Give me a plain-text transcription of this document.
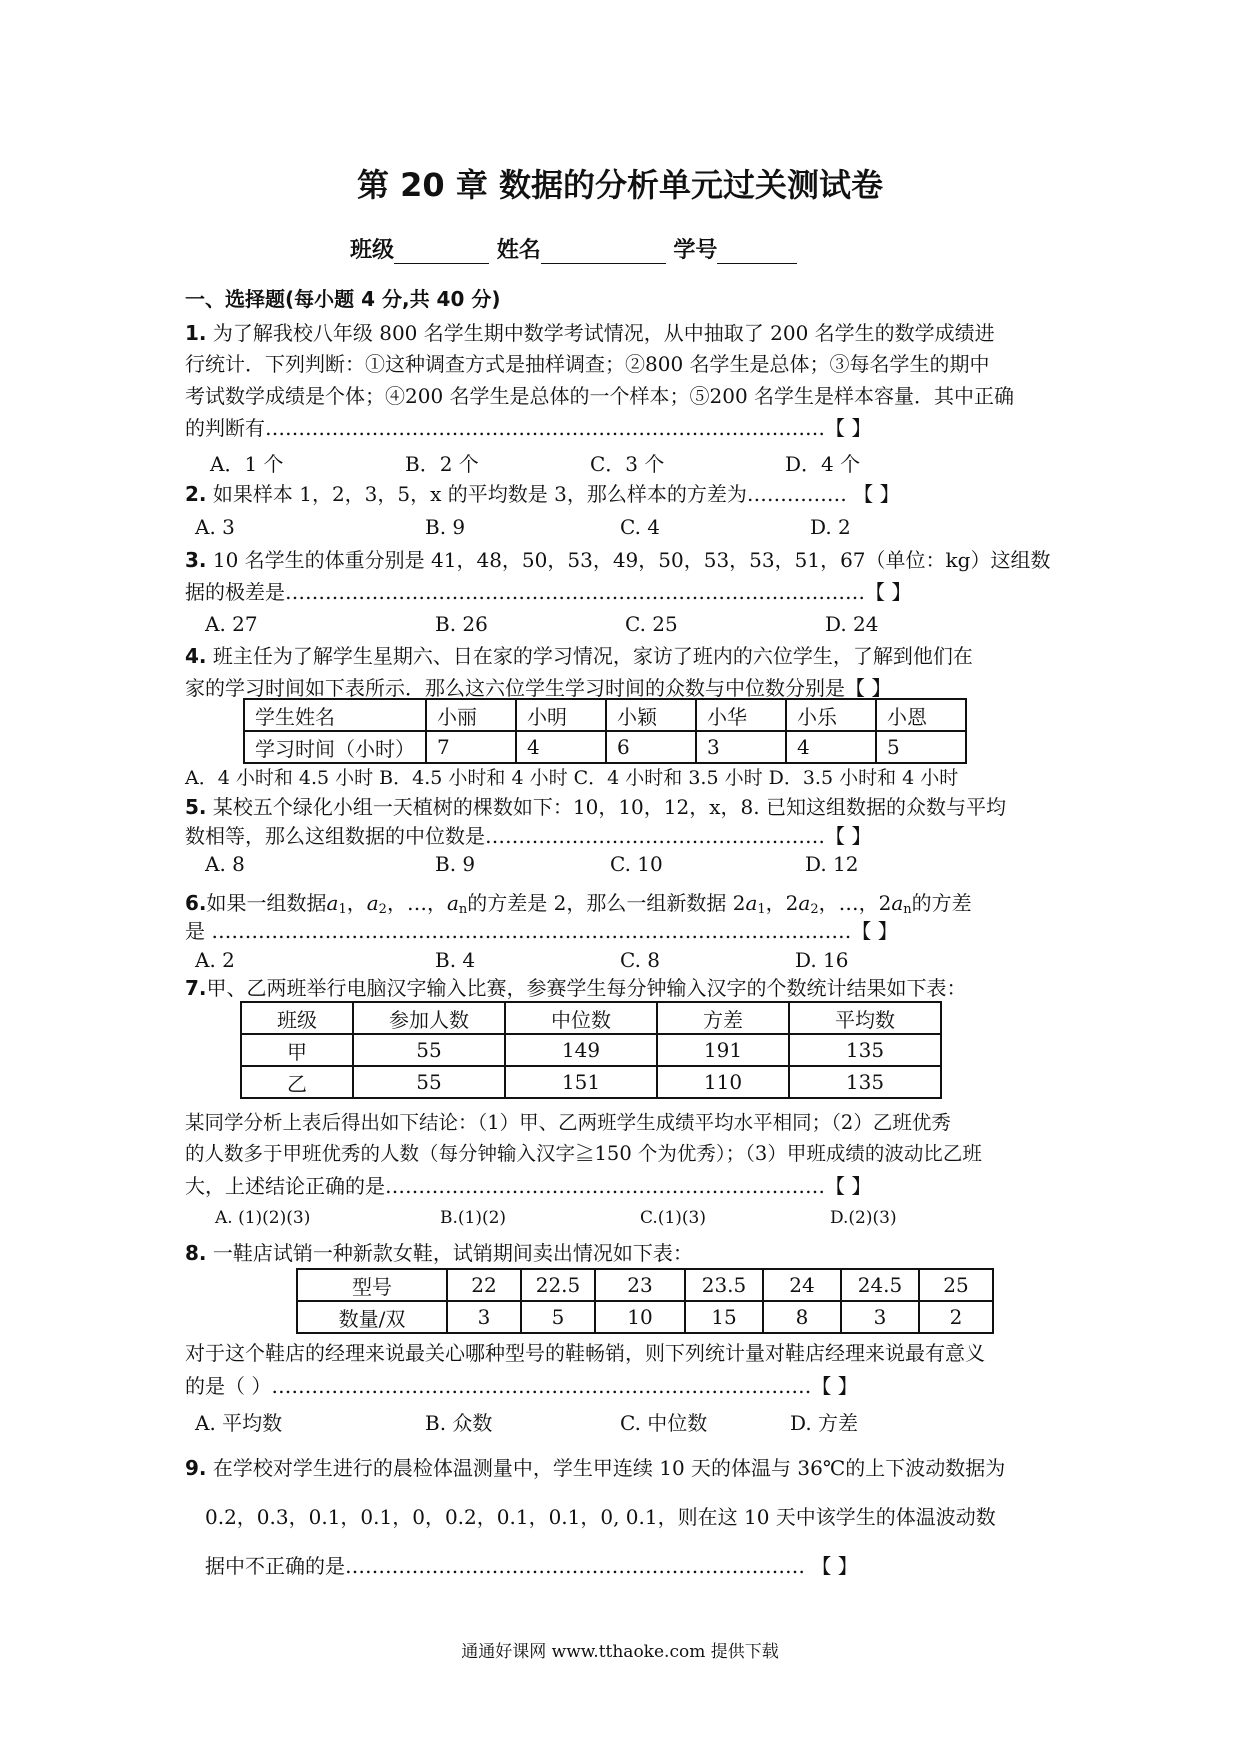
第 20 章 数据的分析单元过关测试卷
班级	姓名	学号
一、选择题(每小题 4 分,共 40 分)
1. 为了解我校八年级 800 名学生期中数学考试情况，从中抽取了 200 名学生的数学成绩进
行统计．下列判断：①这种调查方式是抽样调查；②800 名学生是总体；③每名学生的期中
考试数学成绩是个体；④200 名学生是总体的一个样本；⑤200 名学生是样本容量．其中正确
的判断有…………………………………………………………………………【 】
A．1 个	B．2 个	C．3 个	D．4 个
2. 如果样本 1，2，3，5，x 的平均数是 3，那么样本的方差为…………… 【 】
A. 3	B. 9	C. 4	D. 2
3. 10 名学生的体重分别是 41，48，50，53，49，50，53，53，51，67（单位：kg）这组数
据的极差是……………………………………………………………………………【 】
A. 27	B. 26	C. 25	D. 24
4. 班主任为了解学生星期六、日在家的学习情况，家访了班内的六位学生，了解到他们在
家的学习时间如下表所示．那么这六位学生学习时间的众数与中位数分别是【 】
学生姓名	小丽	小明	小颖	小华	小乐	小恩
学习时间（小时）	7	4	6	3	4	5
A．4 小时和 4.5 小时 B．4.5 小时和 4 小时 C．4 小时和 3.5 小时 D．3.5 小时和 4 小时
5. 某校五个绿化小组一天植树的棵数如下：10，10，12，x，8. 已知这组数据的众数与平均
数相等，那么这组数据的中位数是……………………………………………【 】
A. 8	B. 9	C. 10	D. 12
6.如果一组数据$a_1$，$a_2$，…，$a_n$的方差是 2，那么一组新数据 $2a_1$，$2a_2$，…，$2a_n$的方差
是 ……………………………………………………………………………………【 】
A. 2	B. 4	C. 8	D. 16
7.甲、乙两班举行电脑汉字输入比赛，参赛学生每分钟输入汉字的个数统计结果如下表：
班级	参加人数	中位数	方差	平均数
甲	55	149	191	135
乙	55	151	110	135
某同学分析上表后得出如下结论：（1）甲、乙两班学生成绩平均水平相同；（2）乙班优秀
的人数多于甲班优秀的人数（每分钟输入汉字≧150 个为优秀）；（3）甲班成绩的波动比乙班
大，上述结论正确的是…………………………………………………………【 】
A. (1)(2)(3)	B.(1)(2)	C.(1)(3)	D.(2)(3)
8. 一鞋店试销一种新款女鞋，试销期间卖出情况如下表：
型号	22	22.5	23	23.5	24	24.5	25
数量/双	3	5	10	15	8	3	2
对于这个鞋店的经理来说最关心哪种型号的鞋畅销，则下列统计量对鞋店经理来说最有意义
的是（ ）………………………………………………………………………【 】
A. 平均数	B. 众数	C. 中位数	D. 方差
9. 在学校对学生进行的晨检体温测量中，学生甲连续 10 天的体温与 36℃的上下波动数据为
0.2，0.3，0.1，0.1，0，0.2，0.1，0.1，0, 0.1，则在这 10 天中该学生的体温波动数
据中不正确的是…………………………………………………………… 【 】
通通好课网 www.tthaoke.com 提供下载
